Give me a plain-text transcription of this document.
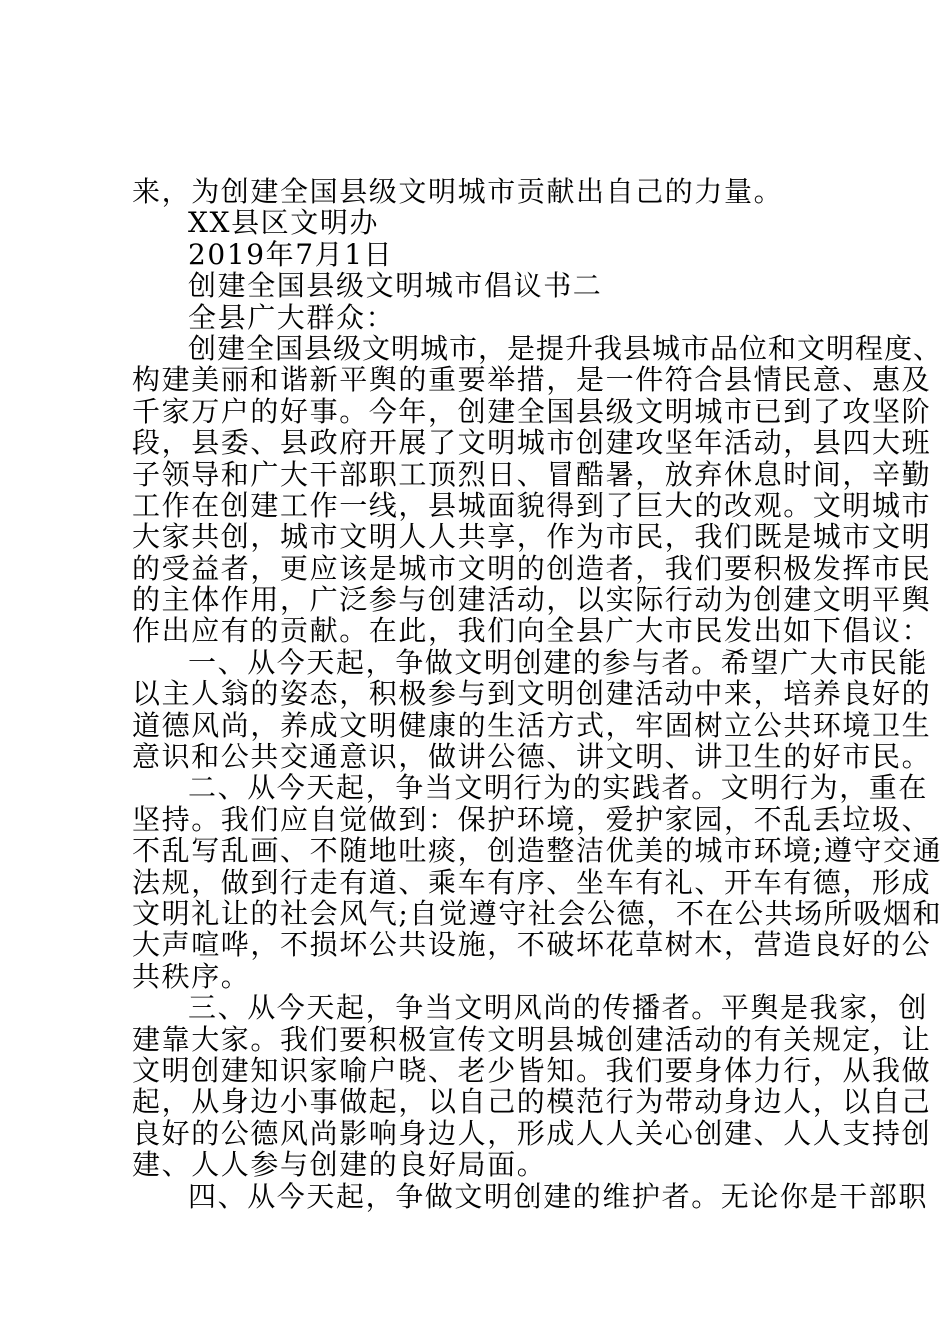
来，为创建全国县级文明城市贡献出自己的力量。
XX县区文明办
2019年7月1日
创建全国县级文明城市倡议书二
全县广大群众：
创建全国县级文明城市，是提升我县城市品位和文明程度、
构建美丽和谐新平舆的重要举措，是一件符合县情民意、惠及
千家万户的好事。今年，创建全国县级文明城市已到了攻坚阶
段，县委、县政府开展了文明城市创建攻坚年活动，县四大班
子领导和广大干部职工顶烈日、冒酷暑，放弃休息时间，辛勤
工作在创建工作一线，县城面貌得到了巨大的改观。文明城市
大家共创，城市文明人人共享，作为市民，我们既是城市文明
的受益者，更应该是城市文明的创造者，我们要积极发挥市民
的主体作用，广泛参与创建活动，以实际行动为创建文明平舆
作出应有的贡献。在此，我们向全县广大市民发出如下倡议：
一、从今天起，争做文明创建的参与者。希望广大市民能
以主人翁的姿态，积极参与到文明创建活动中来，培养良好的
道德风尚，养成文明健康的生活方式，牢固树立公共环境卫生
意识和公共交通意识，做讲公德、讲文明、讲卫生的好市民。
二、从今天起，争当文明行为的实践者。文明行为，重在
坚持。我们应自觉做到：保护环境，爱护家园，不乱丢垃圾、
不乱写乱画、不随地吐痰，创造整洁优美的城市环境;遵守交通
法规，做到行走有道、乘车有序、坐车有礼、开车有德，形成
文明礼让的社会风气;自觉遵守社会公德，不在公共场所吸烟和
大声喧哗，不损坏公共设施，不破坏花草树木，营造良好的公
共秩序。
三、从今天起，争当文明风尚的传播者。平舆是我家，创
建靠大家。我们要积极宣传文明县城创建活动的有关规定，让
文明创建知识家喻户晓、老少皆知。我们要身体力行，从我做
起，从身边小事做起，以自己的模范行为带动身边人，以自己
良好的公德风尚影响身边人，形成人人关心创建、人人支持创
建、人人参与创建的良好局面。
四、从今天起，争做文明创建的维护者。无论你是干部职
